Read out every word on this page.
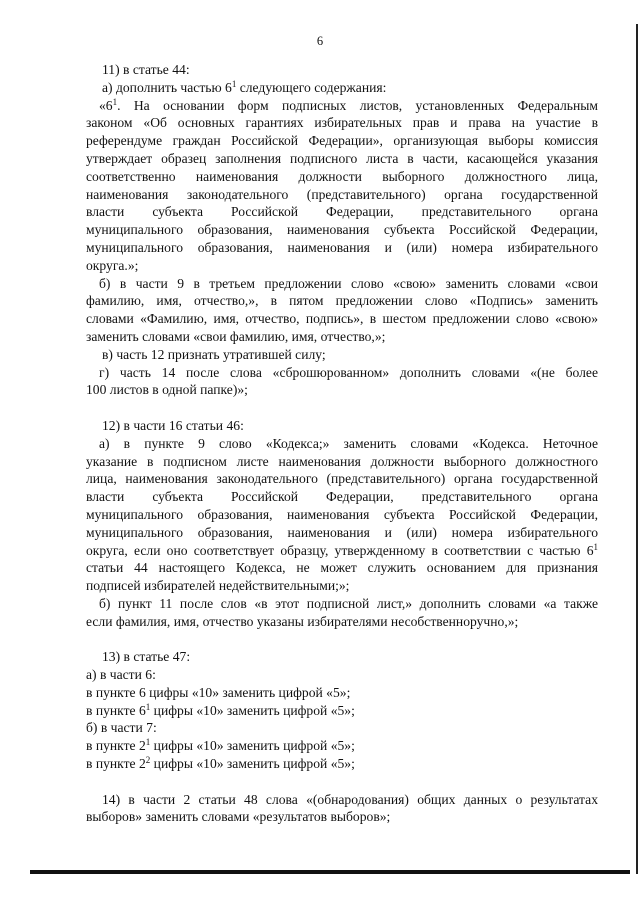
6

11) в статье 44:

а) дополнить частью $6^1$ следующего содержания:

«$6^1$. На основании форм подписных листов, установленных Федеральным

законом «Об основных гарантиях избирательных прав и права на участие в

референдуме граждан Российской Федерации», организующая выборы комиссия

утверждает образец заполнения подписного листа в части, касающейся указания

соответственно наименования должности выборного должностного лица,

наименования законодательного (представительного) органа государственной

власти субъекта Российской Федерации, представительного органа

муниципального образования, наименования субъекта Российской Федерации,

муниципального образования, наименования и (или) номера избирательного

округа.»;

б) в части 9 в третьем предложении слово «свою» заменить словами «свои

фамилию, имя, отчество,», в пятом предложении слово «Подпись» заменить

словами «Фамилию, имя, отчество, подпись», в шестом предложении слово «свою»

заменить словами «свои фамилию, имя, отчество,»;

в) часть 12 признать утратившей силу;

г) часть 14 после слова «сброшюрованном» дополнить словами «(не более

100 листов в одной папке)»;

12) в части 16 статьи 46:

а) в пункте 9 слово «Кодекса;» заменить словами «Кодекса. Неточное

указание в подписном листе наименования должности выборного должностного

лица, наименования законодательного (представительного) органа государственной

власти субъекта Российской Федерации, представительного органа

муниципального образования, наименования субъекта Российской Федерации,

муниципального образования, наименования и (или) номера избирательного

округа, если оно соответствует образцу, утвержденному в соответствии с частью $6^1$

статьи 44 настоящего Кодекса, не может служить основанием для признания

подписей избирателей недействительными;»;

б) пункт 11 после слов «в этот подписной лист,» дополнить словами «а также

если фамилия, имя, отчество указаны избирателями несобственноручно,»;

13) в статье 47:

а) в части 6:

в пункте 6 цифры «10» заменить цифрой «5»;

в пункте $6^1$ цифры «10» заменить цифрой «5»;

б) в части 7:

в пункте $2^1$ цифры «10» заменить цифрой «5»;

в пункте $2^2$ цифры «10» заменить цифрой «5»;

14) в части 2 статьи 48 слова «(обнародования) общих данных о результатах

выборов» заменить словами «результатов выборов»;
